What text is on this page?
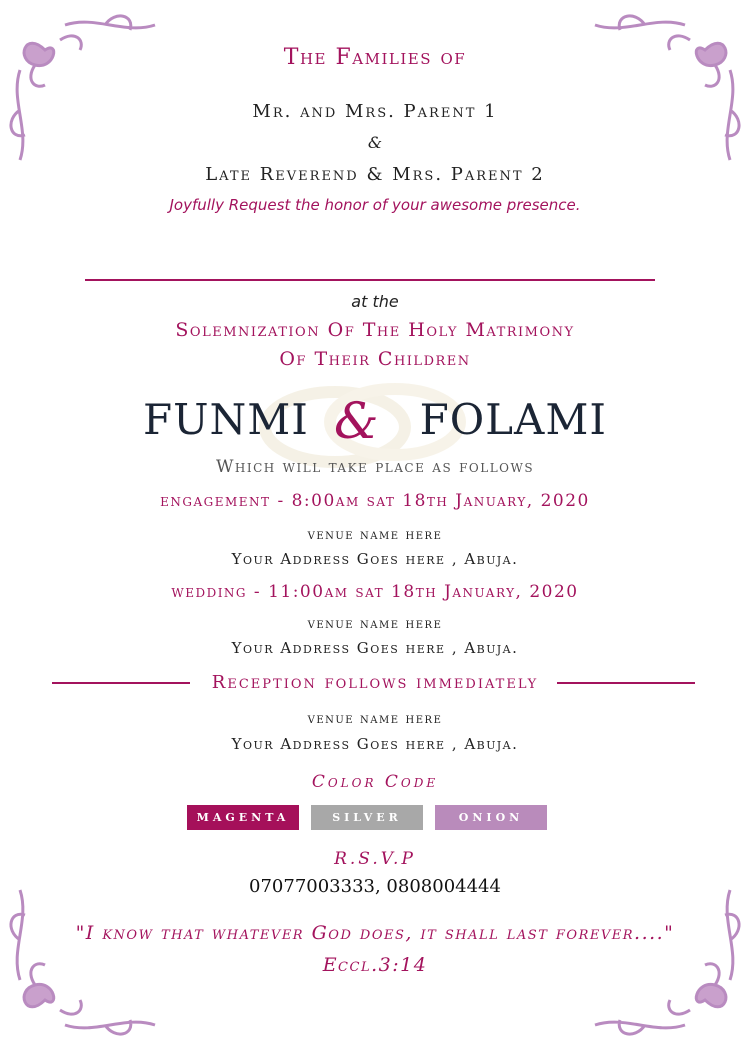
The Families of
Mr. and Mrs. Parent 1
&
Late Reverend & Mrs. Parent 2
Joyfully Request the honor of your awesome presence.
at the
Solemnization Of The Holy Matrimony
Of Their Children
FUNMI & FOLAMI
Which will take place as follows
engagement - 8:00am sat 18th January, 2020
venue name here
Your Address Goes here , Abuja.
wedding - 11:00am sat 18th January, 2020
venue name here
Your Address Goes here , Abuja.
Reception follows immediately
venue name here
Your Address Goes here , Abuja.
Color Code
MAGENTA	SILVER	ONION
R.S.V.P
07077003333, 0808004444
"I know that whatever God does, it shall last forever...."
Eccl.3:14
